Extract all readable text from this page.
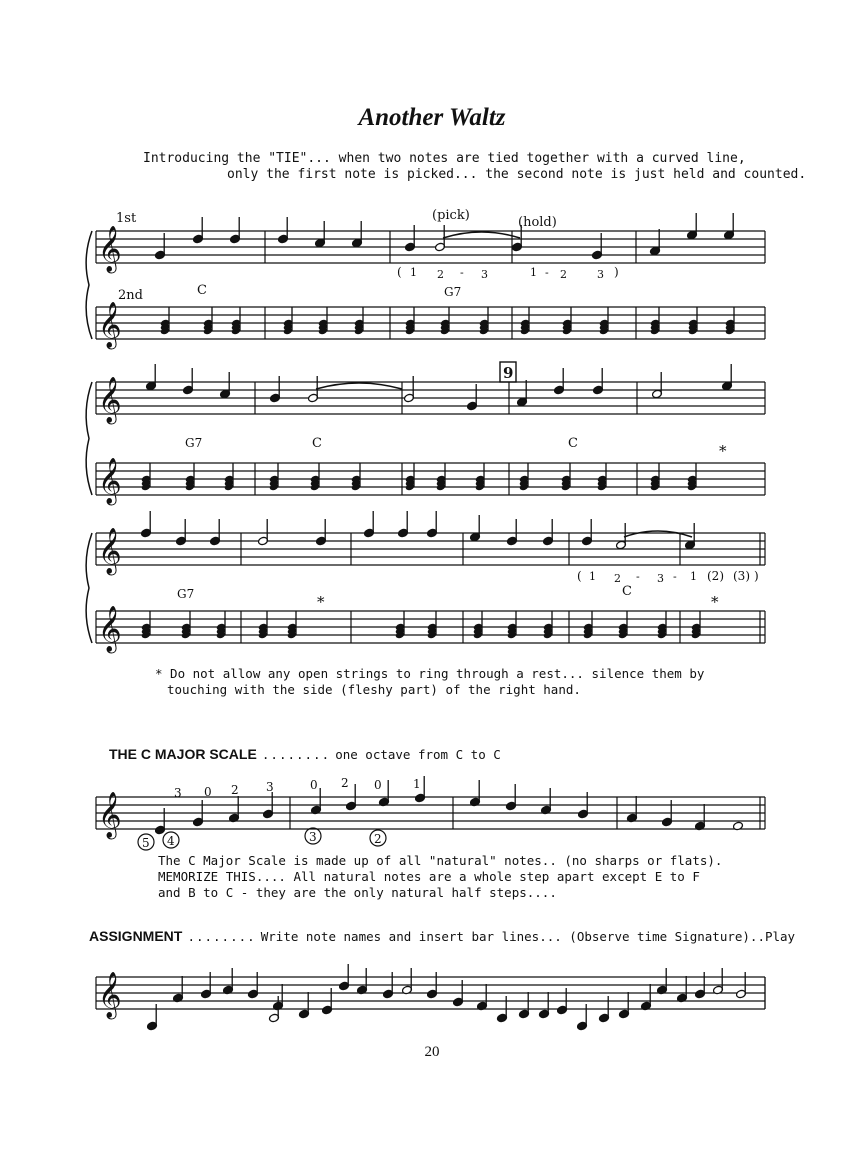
Another Waltz
Introducing the "TIE"... when two notes are tied together with a curved line,
only the first note is picked... the second note is just held and counted.
𝄞
𝄞
𝄞
𝄞
𝄞
𝄞
𝄞
𝄞
1st
2nd
(pick)	(hold)
C	G7
( 1 2 - 3	1 - 2	3 )
G7	C	C	*
9
G7	C
*	*
( 1 2 - 3 - 1 (2) (3) )
3 0 2 3	0 2 0	1
5 4	3	2
* Do not allow any open strings to ring through a rest... silence them by
touching with the side (fleshy part) of the right hand.
THE C MAJOR SCALE ........ one octave from C to C
The C Major Scale is made up of all "natural" notes.. (no sharps or flats).
MEMORIZE THIS.... All natural notes are a whole step apart except E to F
and B to C - they are the only natural half steps....
ASSIGNMENT ........ Write note names and insert bar lines... (Observe time Signature)..Play
20
